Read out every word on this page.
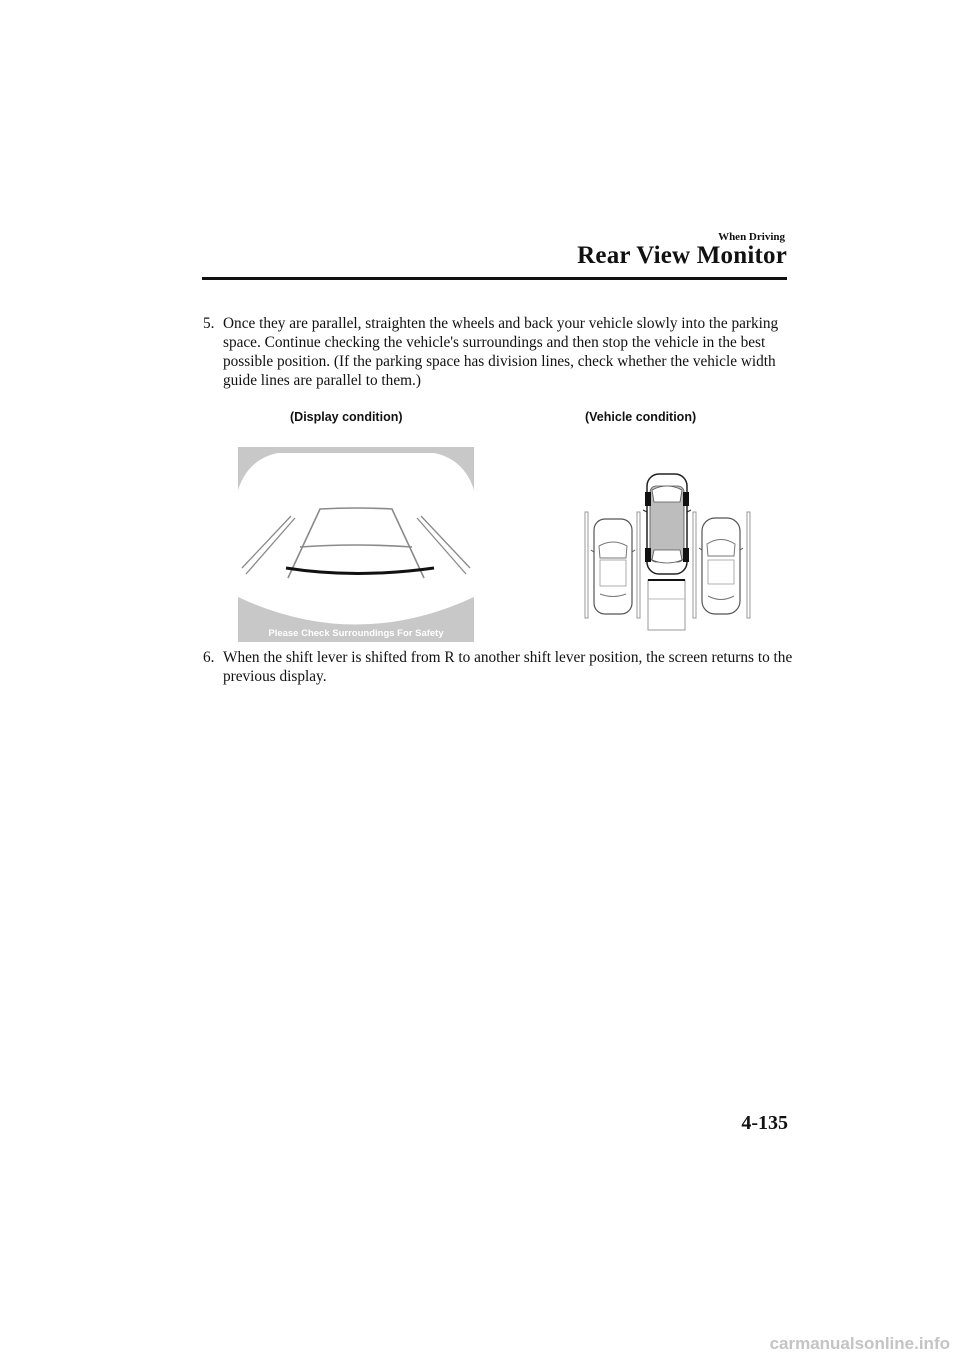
When Driving
Rear View Monitor
5. Once they are parallel, straighten the wheels and back your vehicle slowly into the parking space. Continue checking the vehicle's surroundings and then stop the vehicle in the best possible position. (If the parking space has division lines, check whether the vehicle width guide lines are parallel to them.)
(Display condition)	(Vehicle condition)
Please Check Surroundings For Safety
6. When the shift lever is shifted from R to another shift lever position, the screen returns to the previous display.
4-135
carmanualsonline.info
